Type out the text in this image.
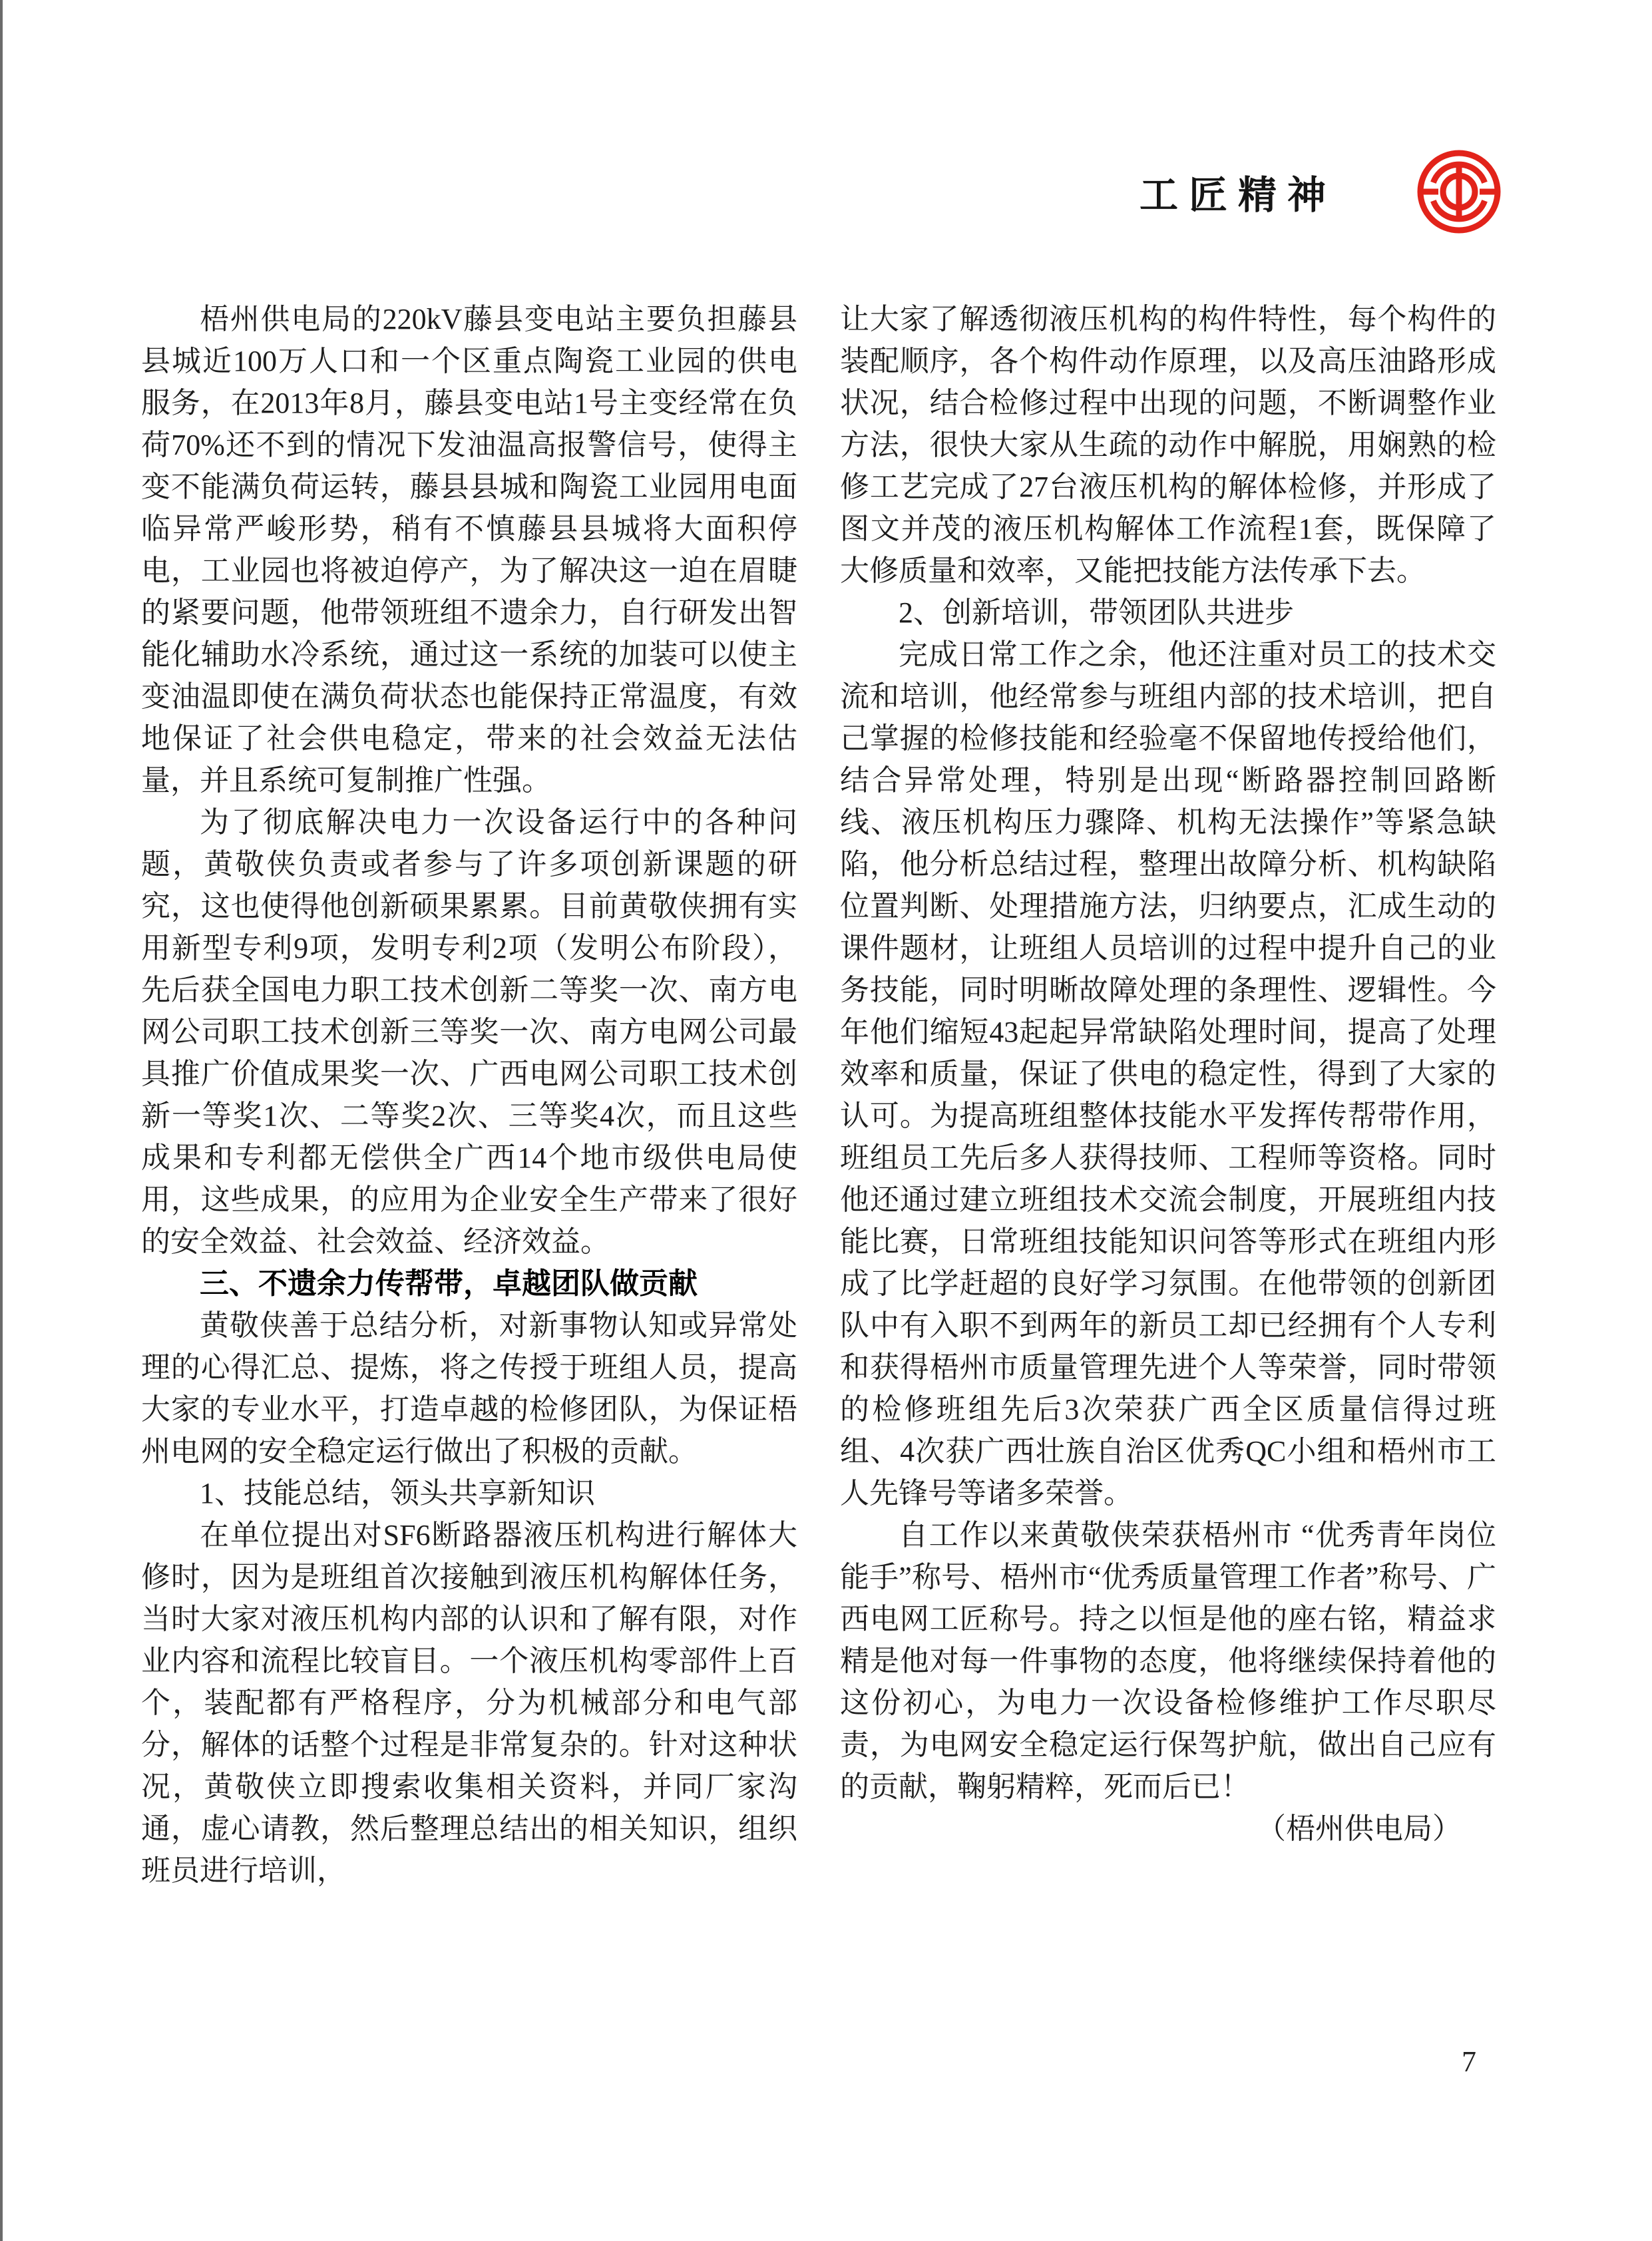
工匠精神
梧州供电局的220kV藤县变电站主要负担藤县县城近100万人口和一个区重点陶瓷工业园的供电服务，在2013年8月，藤县变电站1号主变经常在负荷70%还不到的情况下发油温高报警信号，使得主变不能满负荷运转，藤县县城和陶瓷工业园用电面临异常严峻形势，稍有不慎藤县县城将大面积停电，工业园也将被迫停产，为了解决这一迫在眉睫的紧要问题，他带领班组不遗余力，自行研发出智能化辅助水冷系统，通过这一系统的加装可以使主变油温即使在满负荷状态也能保持正常温度，有效地保证了社会供电稳定，带来的社会效益无法估量，并且系统可复制推广性强。
为了彻底解决电力一次设备运行中的各种问题，黄敬侠负责或者参与了许多项创新课题的研究，这也使得他创新硕果累累。目前黄敬侠拥有实用新型专利9项，发明专利2项（发明公布阶段），先后获全国电力职工技术创新二等奖一次、南方电网公司职工技术创新三等奖一次、南方电网公司最具推广价值成果奖一次、广西电网公司职工技术创新一等奖1次、二等奖2次、三等奖4次，而且这些成果和专利都无偿供全广西14个地市级供电局使用，这些成果，的应用为企业安全生产带来了很好的安全效益、社会效益、经济效益。
三、不遗余力传帮带，卓越团队做贡献
黄敬侠善于总结分析，对新事物认知或异常处理的心得汇总、提炼，将之传授于班组人员，提高大家的专业水平，打造卓越的检修团队，为保证梧州电网的安全稳定运行做出了积极的贡献。
1、技能总结，领头共享新知识
在单位提出对SF6断路器液压机构进行解体大修时，因为是班组首次接触到液压机构解体任务，当时大家对液压机构内部的认识和了解有限，对作业内容和流程比较盲目。一个液压机构零部件上百个，装配都有严格程序，分为机械部分和电气部分，解体的话整个过程是非常复杂的。针对这种状况，黄敬侠立即搜索收集相关资料，并同厂家沟通，虚心请教，然后整理总结出的相关知识，组织班员进行培训，
让大家了解透彻液压机构的构件特性，每个构件的装配顺序，各个构件动作原理，以及高压油路形成状况，结合检修过程中出现的问题，不断调整作业方法，很快大家从生疏的动作中解脱，用娴熟的检修工艺完成了27台液压机构的解体检修，并形成了图文并茂的液压机构解体工作流程1套，既保障了大修质量和效率，又能把技能方法传承下去。
2、创新培训，带领团队共进步
完成日常工作之余，他还注重对员工的技术交流和培训，他经常参与班组内部的技术培训，把自己掌握的检修技能和经验毫不保留地传授给他们，结合异常处理，特别是出现“断路器控制回路断线、液压机构压力骤降、机构无法操作”等紧急缺陷，他分析总结过程，整理出故障分析、机构缺陷位置判断、处理措施方法，归纳要点，汇成生动的课件题材，让班组人员培训的过程中提升自己的业务技能，同时明晰故障处理的条理性、逻辑性。今年他们缩短43起起异常缺陷处理时间，提高了处理效率和质量，保证了供电的稳定性，得到了大家的认可。为提高班组整体技能水平发挥传帮带作用，班组员工先后多人获得技师、工程师等资格。同时他还通过建立班组技术交流会制度，开展班组内技能比赛，日常班组技能知识问答等形式在班组内形成了比学赶超的良好学习氛围。在他带领的创新团队中有入职不到两年的新员工却已经拥有个人专利和获得梧州市质量管理先进个人等荣誉，同时带领的检修班组先后3次荣获广西全区质量信得过班组、4次获广西壮族自治区优秀QC小组和梧州市工人先锋号等诸多荣誉。
自工作以来黄敬侠荣获梧州市 “优秀青年岗位能手”称号、梧州市“优秀质量管理工作者”称号、广西电网工匠称号。持之以恒是他的座右铭，精益求精是他对每一件事物的态度，他将继续保持着他的这份初心，为电力一次设备检修维护工作尽职尽责，为电网安全稳定运行保驾护航，做出自己应有的贡献，鞠躬精粹，死而后已！
（梧州供电局）
7
